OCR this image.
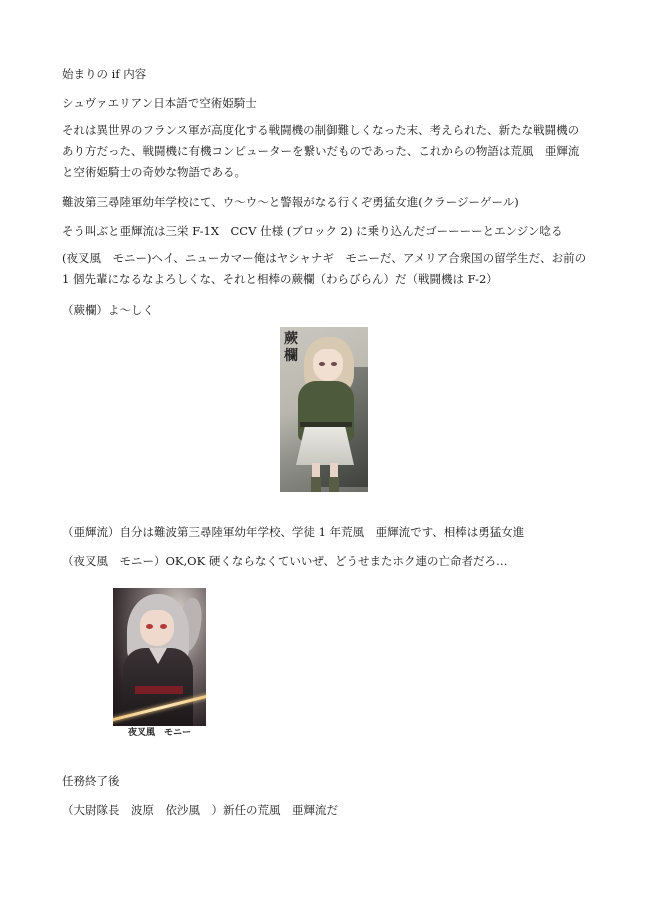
始まりの if 内容
シュヴァエリアン日本語で空術姫騎士
それは異世界のフランス軍が高度化する戦闘機の制御難しくなった末、考えられた、新たな戦闘機の
あり方だった、戦闘機に有機コンピューターを繋いだものであった、これからの物語は荒風　亜輝流
と空術姫騎士の奇妙な物語である。
難波第三尋陸軍幼年学校にて、ウ～ウ～と警報がなる行くぞ勇猛女進(クラージーゲール)
そう叫ぶと亜輝流は三栄 F-1X　CCV 仕様 (ブロック 2) に乗り込んだゴーーーーとエンジン唸る
(夜叉風　モニー)ヘイ、ニューカマー俺はヤシャナギ　モニーだ、アメリア合衆国の留学生だ、お前の
1 個先輩になるなよろしくな、それと相棒の蕨欄（わらびらん）だ（戦闘機は F-2）
（蕨欄）よ～しく
蕨欄
（亜輝流）自分は難波第三尋陸軍幼年学校、学徒 1 年荒風　亜輝流です、相棒は勇猛女進
（夜叉風　モニー）OK,OK 硬くならなくていいぜ、どうせまたホク連の亡命者だろ…
夜叉風　モニー
任務終了後
（大尉隊長　波原　依沙風　）新任の荒風　亜輝流だ
